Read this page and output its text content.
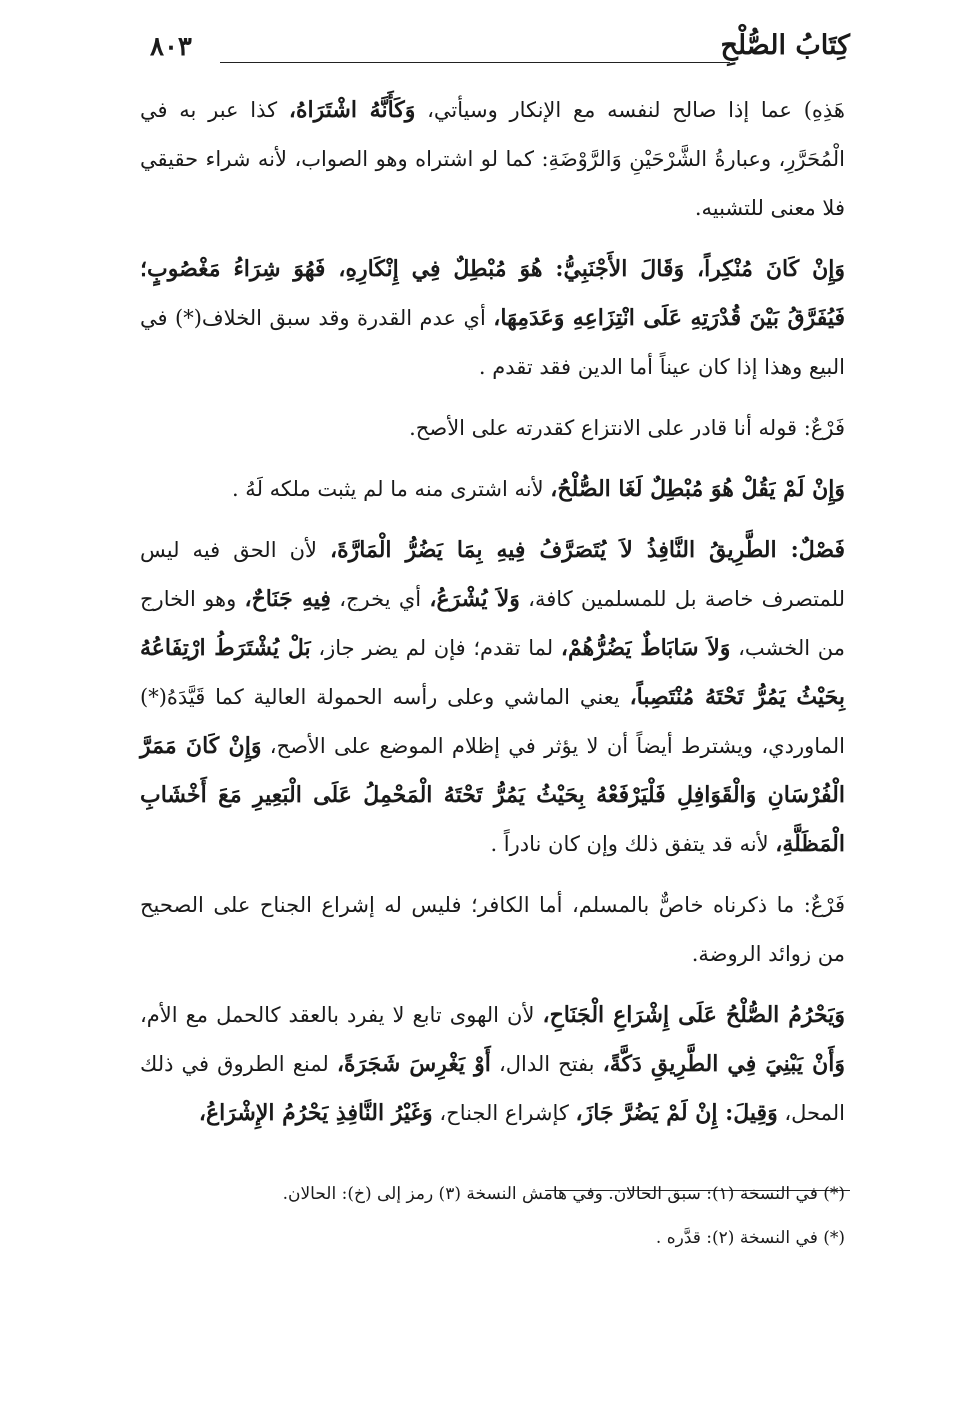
كِتَابُ الصُّلْحِ
٨٠٣

هَذِهِ) عما إذا صالح لنفسه مع الإنكار وسيأتي، وَكَأَنَّهُ اشْتَرَاهُ، كذا عبر به في الْمُحَرَّرِ، وعبارةُ الشَّرْحَيْنِ وَالرَّوْضَةِ: كما لو اشتراه وهو الصواب، لأنه شراء حقيقي فلا معنى للتشبيه.

وَإِنْ كَانَ مُنْكِراً، وَقَالَ الأَجْنَبِيُّ: هُوَ مُبْطِلٌ فِي إِنْكَارِهِ، فَهُوَ شِرَاءُ مَغْصُوبٍ؛ فَيُفَرَّقُ بَيْنَ قُدْرَتِهِ عَلَى انْتِزَاعِهِ وَعَدَمِهَا، أي عدم القدرة وقد سبق الخلاف(*) في البيع وهذا إذا كان عيناً أما الدين فقد تقدم .

فَرْعٌ: قوله أنا قادر على الانتزاع كقدرته على الأصح.

وَإِنْ لَمْ يَقُلْ هُوَ مُبْطِلٌ لَغَا الصُّلْحُ، لأنه اشترى منه ما لم يثبت ملكه لَهُ .

فَصْلٌ: الطَّرِيقُ النَّافِذُ لاَ يُتَصَرَّفُ فِيهِ بِمَا يَضُرُّ الْمَارَّةَ، لأن الحق فيه ليس للمتصرف خاصة بل للمسلمين كافة، وَلاَ يُشْرَعُ، أي يخرج، فِيهِ جَنَاحٌ، وهو الخارج من الخشب، وَلاَ سَابَاطٌ يَضُرُّهُمْ، لما تقدم؛ فإن لم يضر جاز، بَلْ يُشْتَرَطُ ارْتِفَاعُهُ بِحَيْثُ يَمُرُّ تَحْتَهُ مُنْتَصِباً، يعني الماشي وعلى رأسه الحمولة العالية كما قَيَّدَهُ(*) الماوردي، ويشترط أيضاً أن لا يؤثر في إظلام الموضع على الأصح، وَإِنْ كَانَ مَمَرَّ الْفُرْسَانِ وَالْقَوَافِلِ فَلْيَرْفَعْهُ بِحَيْثُ يَمُرُّ تَحْتَهُ الْمَحْمِلُ عَلَى الْبَعِيرِ مَعَ أَخْشَابِ الْمَظَلَّةِ، لأنه قد يتفق ذلك وإن كان نادراً .

فَرْعٌ: ما ذكرناه خاصٌّ بالمسلم، أما الكافر؛ فليس له إشراع الجناح على الصحيح من زوائد الروضة.

وَيَحْرُمُ الصُّلْحُ عَلَى إِشْرَاعِ الْجَنَاحِ، لأن الهوى تابع لا يفرد بالعقد كالحمل مع الأم، وَأَنْ يَبْنِيَ فِي الطَّرِيقِ دَكَّةً، بفتح الدال، أَوْ يَغْرِسَ شَجَرَةً، لمنع الطروق في ذلك المحل، وَقِيلَ: إِنْ لَمْ يَضُرَّ جَازَ، كإشراع الجناح، وَغَيْرُ النَّافِذِ يَحْرُمُ الإِشْرَاعُ،

(*) في النسخة (١): سبق الحالان. وفي هامش النسخة (٣) رمز إلى (خ): الحالان.
(*) في النسخة (٢): قدَّره .
